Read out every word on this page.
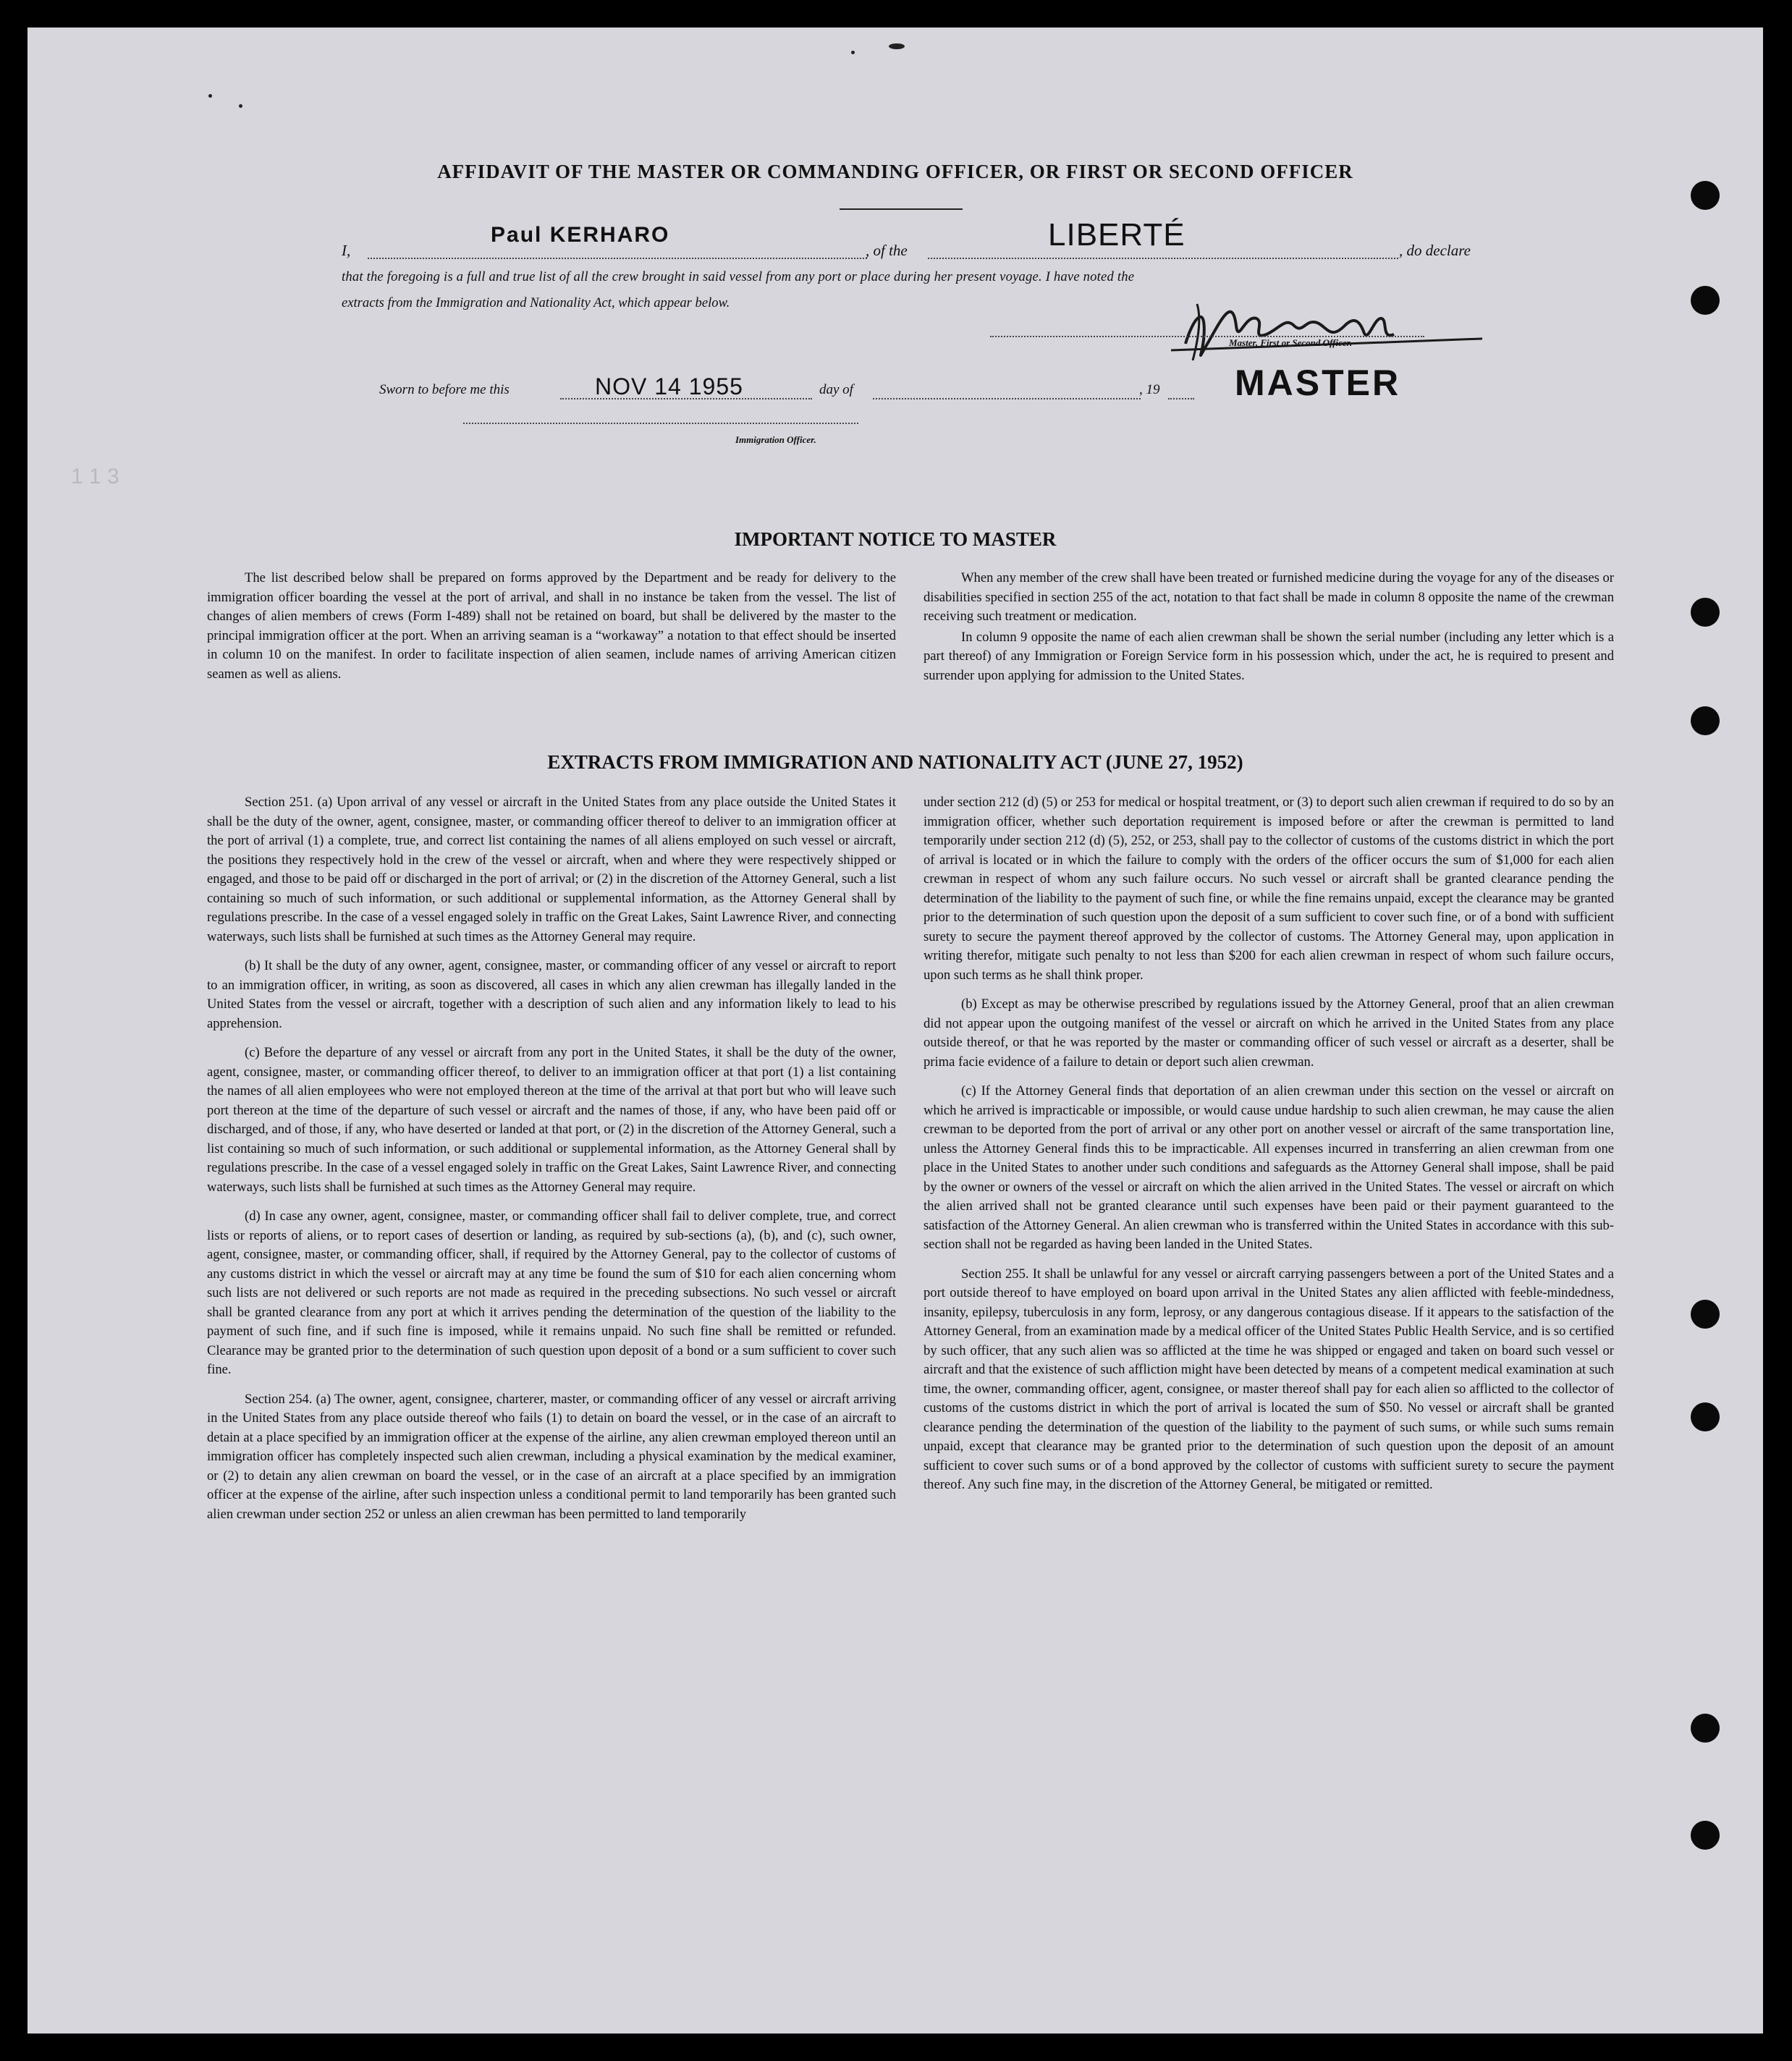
1 1 3
AFFIDAVIT OF THE MASTER OR COMMANDING OFFICER, OR FIRST OR SECOND OFFICER
I,
Paul KERHARO
, of the	LIBERTÉ	, do declare
that the foregoing is a full and true list of all the crew brought in said vessel from any port or place during her present voyage. I have noted the
extracts from the Immigration and Nationality Act, which appear below.
Master, First or Second Officer.
MASTER
Sworn to before me this	NOV 14 1955	day of	, 19
Immigration Officer.
IMPORTANT NOTICE TO MASTER

The list described below shall be prepared on forms approved by the Department and be ready for delivery to the immigration officer boarding the vessel at the port of arrival, and shall in no instance be taken from the vessel. The list of changes of alien members of crews (Form I-489) shall not be retained on board, but shall be delivered by the master to the principal immigration officer at the port. When an arriving seaman is a “workaway” a notation to that effect should be inserted in column 10 on the manifest. In order to facilitate inspection of alien seamen, include names of arriving American citizen seamen as well as aliens.

When any member of the crew shall have been treated or furnished medicine during the voyage for any of the diseases or disabilities specified in section 255 of the act, notation to that fact shall be made in column 8 opposite the name of the crewman receiving such treatment or medication.

In column 9 opposite the name of each alien crewman shall be shown the serial number (including any letter which is a part thereof) of any Immigration or Foreign Service form in his possession which, under the act, he is required to present and surrender upon applying for admission to the United States.

EXTRACTS FROM IMMIGRATION AND NATIONALITY ACT (JUNE 27, 1952)

Section 251. (a) Upon arrival of any vessel or aircraft in the United States from any place outside the United States it shall be the duty of the owner, agent, consignee, master, or commanding officer thereof to deliver to an immigration officer at the port of arrival (1) a complete, true, and correct list containing the names of all aliens employed on such vessel or aircraft, the positions they respectively hold in the crew of the vessel or aircraft, when and where they were respectively shipped or engaged, and those to be paid off or discharged in the port of arrival; or (2) in the discretion of the Attorney General, such a list containing so much of such information, or such additional or supplemental information, as the Attorney General shall by regulations prescribe. In the case of a vessel engaged solely in traffic on the Great Lakes, Saint Lawrence River, and connecting waterways, such lists shall be furnished at such times as the Attorney General may require.

(b) It shall be the duty of any owner, agent, consignee, master, or commanding officer of any vessel or aircraft to report to an immigration officer, in writing, as soon as discovered, all cases in which any alien crewman has illegally landed in the United States from the vessel or aircraft, together with a description of such alien and any information likely to lead to his apprehension.

(c) Before the departure of any vessel or aircraft from any port in the United States, it shall be the duty of the owner, agent, consignee, master, or commanding officer thereof, to deliver to an immigration officer at that port (1) a list containing the names of all alien employees who were not employed thereon at the time of the arrival at that port but who will leave such port thereon at the time of the departure of such vessel or aircraft and the names of those, if any, who have been paid off or discharged, and of those, if any, who have deserted or landed at that port, or (2) in the discretion of the Attorney General, such a list containing so much of such information, or such additional or supplemental information, as the Attorney General shall by regulations prescribe. In the case of a vessel engaged solely in traffic on the Great Lakes, Saint Lawrence River, and connecting waterways, such lists shall be furnished at such times as the Attorney General may require.

(d) In case any owner, agent, consignee, master, or commanding officer shall fail to deliver complete, true, and correct lists or reports of aliens, or to report cases of desertion or landing, as required by sub-sections (a), (b), and (c), such owner, agent, consignee, master, or commanding officer, shall, if required by the Attorney General, pay to the collector of customs of any customs district in which the vessel or aircraft may at any time be found the sum of $10 for each alien concerning whom such lists are not delivered or such reports are not made as required in the preceding subsections. No such vessel or aircraft shall be granted clearance from any port at which it arrives pending the determination of the question of the liability to the payment of such fine, and if such fine is imposed, while it remains unpaid. No such fine shall be remitted or refunded. Clearance may be granted prior to the determination of such question upon deposit of a bond or a sum sufficient to cover such fine.

Section 254. (a) The owner, agent, consignee, charterer, master, or commanding officer of any vessel or aircraft arriving in the United States from any place outside thereof who fails (1) to detain on board the vessel, or in the case of an aircraft to detain at a place specified by an immigration officer at the expense of the airline, any alien crewman employed thereon until an immigration officer has completely inspected such alien crewman, including a physical examination by the medical examiner, or (2) to detain any alien crewman on board the vessel, or in the case of an aircraft at a place specified by an immigration officer at the expense of the airline, after such inspection unless a conditional permit to land temporarily has been granted such alien crewman under section 252 or unless an alien crewman has been permitted to land temporarily

under section 212 (d) (5) or 253 for medical or hospital treatment, or (3) to deport such alien crewman if required to do so by an immigration officer, whether such deportation requirement is imposed before or after the crewman is permitted to land temporarily under section 212 (d) (5), 252, or 253, shall pay to the collector of customs of the customs district in which the port of arrival is located or in which the failure to comply with the orders of the officer occurs the sum of $1,000 for each alien crewman in respect of whom any such failure occurs. No such vessel or aircraft shall be granted clearance pending the determination of the liability to the payment of such fine, or while the fine remains unpaid, except the clearance may be granted prior to the determination of such question upon the deposit of a sum sufficient to cover such fine, or of a bond with sufficient surety to secure the payment thereof approved by the collector of customs. The Attorney General may, upon application in writing therefor, mitigate such penalty to not less than $200 for each alien crewman in respect of whom such failure occurs, upon such terms as he shall think proper.

(b) Except as may be otherwise prescribed by regulations issued by the Attorney General, proof that an alien crewman did not appear upon the outgoing manifest of the vessel or aircraft on which he arrived in the United States from any place outside thereof, or that he was reported by the master or commanding officer of such vessel or aircraft as a deserter, shall be prima facie evidence of a failure to detain or deport such alien crewman.

(c) If the Attorney General finds that deportation of an alien crewman under this section on the vessel or aircraft on which he arrived is impracticable or impossible, or would cause undue hardship to such alien crewman, he may cause the alien crewman to be deported from the port of arrival or any other port on another vessel or aircraft of the same transportation line, unless the Attorney General finds this to be impracticable. All expenses incurred in transferring an alien crewman from one place in the United States to another under such conditions and safeguards as the Attorney General shall impose, shall be paid by the owner or owners of the vessel or aircraft on which the alien arrived in the United States. The vessel or aircraft on which the alien arrived shall not be granted clearance until such expenses have been paid or their payment guaranteed to the satisfaction of the Attorney General. An alien crewman who is transferred within the United States in accordance with this sub-section shall not be regarded as having been landed in the United States.

Section 255. It shall be unlawful for any vessel or aircraft carrying passengers between a port of the United States and a port outside thereof to have employed on board upon arrival in the United States any alien afflicted with feeble-mindedness, insanity, epilepsy, tuberculosis in any form, leprosy, or any dangerous contagious disease. If it appears to the satisfaction of the Attorney General, from an examination made by a medical officer of the United States Public Health Service, and is so certified by such officer, that any such alien was so afflicted at the time he was shipped or engaged and taken on board such vessel or aircraft and that the existence of such affliction might have been detected by means of a competent medical examination at such time, the owner, commanding officer, agent, consignee, or master thereof shall pay for each alien so afflicted to the collector of customs of the customs district in which the port of arrival is located the sum of $50. No vessel or aircraft shall be granted clearance pending the determination of the question of the liability to the payment of such sums, or while such sums remain unpaid, except that clearance may be granted prior to the determination of such question upon the deposit of an amount sufficient to cover such sums or of a bond approved by the collector of customs with sufficient surety to secure the payment thereof. Any such fine may, in the discretion of the Attorney General, be mitigated or remitted.
